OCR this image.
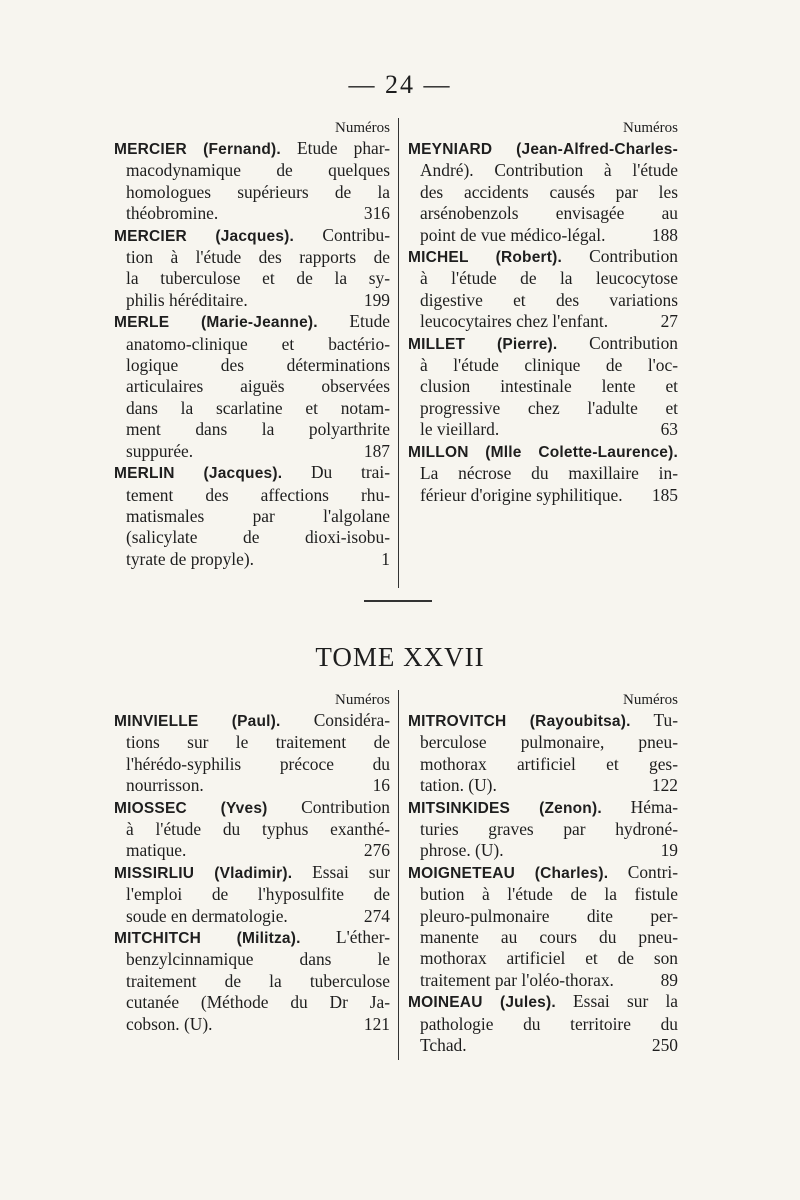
— 24 —
Numéros
MERCIER (Fernand). Etude phar-
macodynamique de quelques
homologues supérieurs de la
théobromine.	316
MERCIER (Jacques). Contribu-
tion à l'étude des rapports de
la tuberculose et de la sy-
philis héréditaire.	199
MERLE (Marie-Jeanne). Etude
anatomo-clinique et bactério-
logique des déterminations
articulaires aiguës observées
dans la scarlatine et notam-
ment dans la polyarthrite
suppurée.	187
MERLIN (Jacques). Du trai-
tement des affections rhu-
matismales par l'algolane
(salicylate de dioxi-isobu-
tyrate de propyle).	1
Numéros
MEYNIARD (Jean-Alfred-Charles-
André). Contribution à l'étude
des accidents causés par les
arsénobenzols envisagée au
point de vue médico-légal.	188
MICHEL (Robert). Contribution
à l'étude de la leucocytose
digestive et des variations
leucocytaires chez l'enfant.	27
MILLET (Pierre). Contribution
à l'étude clinique de l'oc-
clusion intestinale lente et
progressive chez l'adulte et
le vieillard.	63
MILLON (Mlle Colette-Laurence).
La nécrose du maxillaire in-
férieur d'origine syphilitique.	185
TOME XXVII
Numéros
MINVIELLE (Paul). Considéra-
tions sur le traitement de
l'hérédo-syphilis précoce du
nourrisson.	16
MIOSSEC (Yves) Contribution
à l'étude du typhus exanthé-
matique.	276
MISSIRLIU (Vladimir). Essai sur
l'emploi de l'hyposulfite de
soude en dermatologie.	274
MITCHITCH (Militza). L'éther-
benzylcinnamique dans le
traitement de la tuberculose
cutanée (Méthode du Dr Ja-
cobson. (U).	121
Numéros
MITROVITCH (Rayoubitsa). Tu-
berculose pulmonaire, pneu-
mothorax artificiel et ges-
tation. (U).	122
MITSINKIDES (Zenon). Héma-
turies graves par hydroné-
phrose. (U).	19
MOIGNETEAU (Charles). Contri-
bution à l'étude de la fistule
pleuro-pulmonaire dite per-
manente au cours du pneu-
mothorax artificiel et de son
traitement par l'oléo-thorax.	89
MOINEAU (Jules). Essai sur la
pathologie du territoire du
Tchad.	250
